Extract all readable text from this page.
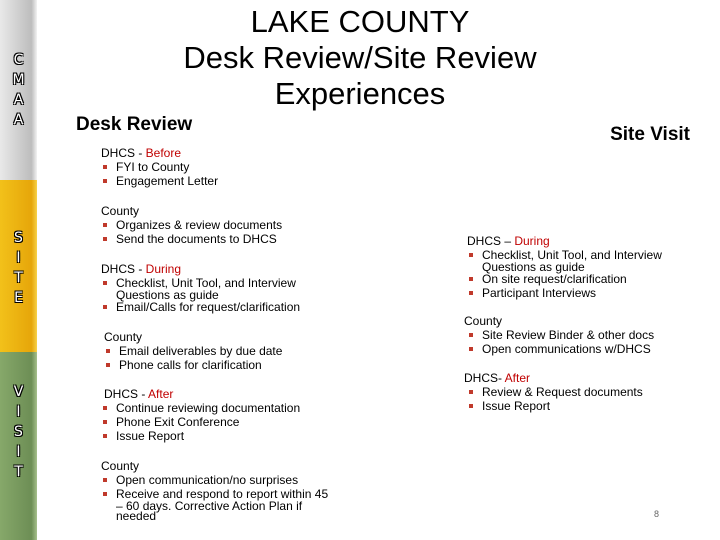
C
M
A
A
S
I
T
E
V
I
S
I
T
LAKE COUNTY
Desk Review/Site Review
Experiences
Desk Review	Site Visit
DHCS - Before
FYI to County
Engagement Letter
County
Organizes & review documents
Send the documents to DHCS
DHCS - During
Checklist, Unit Tool, and Interview
Questions as guide
Email/Calls for request/clarification
County
Email deliverables by due date
Phone calls for clarification
DHCS - After
Continue reviewing documentation
Phone Exit Conference
Issue Report
County
Open communication/no surprises
Receive and respond to report within 45
– 60 days. Corrective Action Plan if
needed
DHCS – During
Checklist, Unit Tool, and Interview
Questions as guide
On site request/clarification
Participant Interviews
County
Site Review Binder & other docs
Open communications w/DHCS
DHCS- After
Review & Request documents
Issue Report
8
